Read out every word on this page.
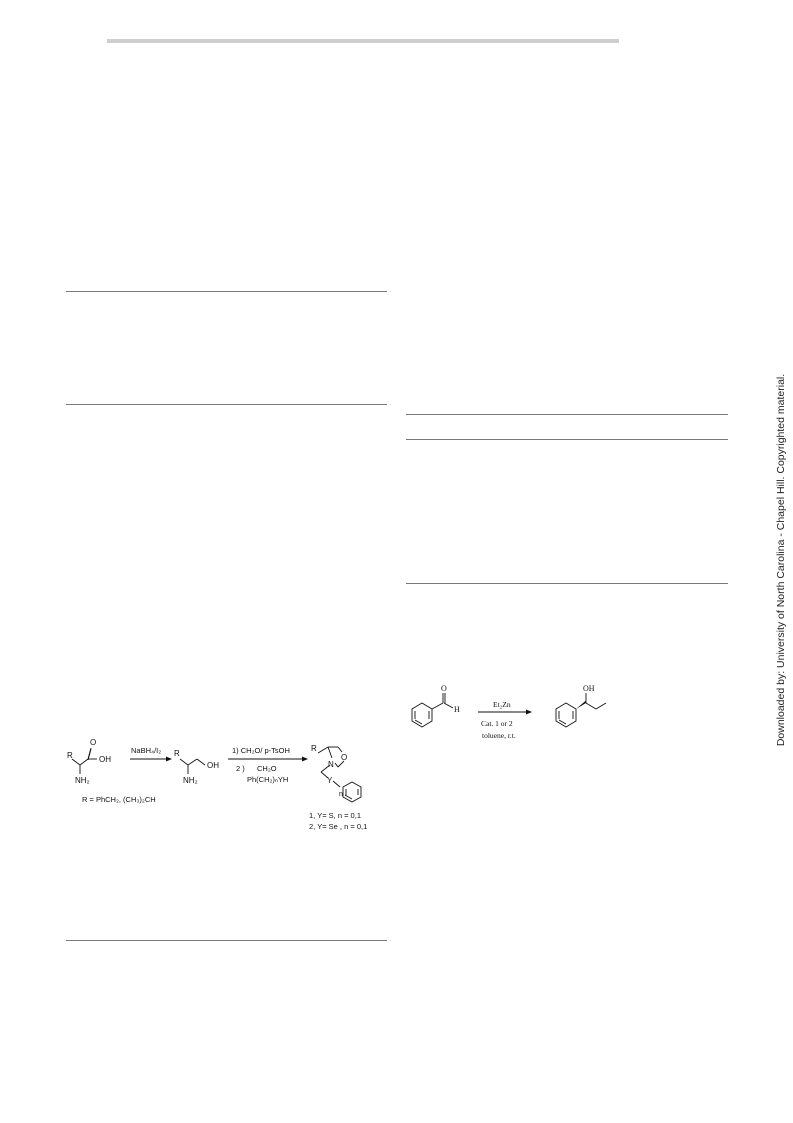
Downloaded by: University of North Carolina - Chapel Hill. Copyrighted material.
R
O
OH
NH₂
NaBH₄/I₂ R
OH
NH₂
1) CH₂O/ p-TsOH
2 ) CH₂O
Ph(CH₂)ₙYH
R
O
N
Y
n
R = PhCH₂, (CH₃)₂CH
1, Y= S, n = 0,1
2, Y= Se , n = 0,1
O
H
Et₂Zn
Cat. 1 or 2
toluene, r.t.
OH
